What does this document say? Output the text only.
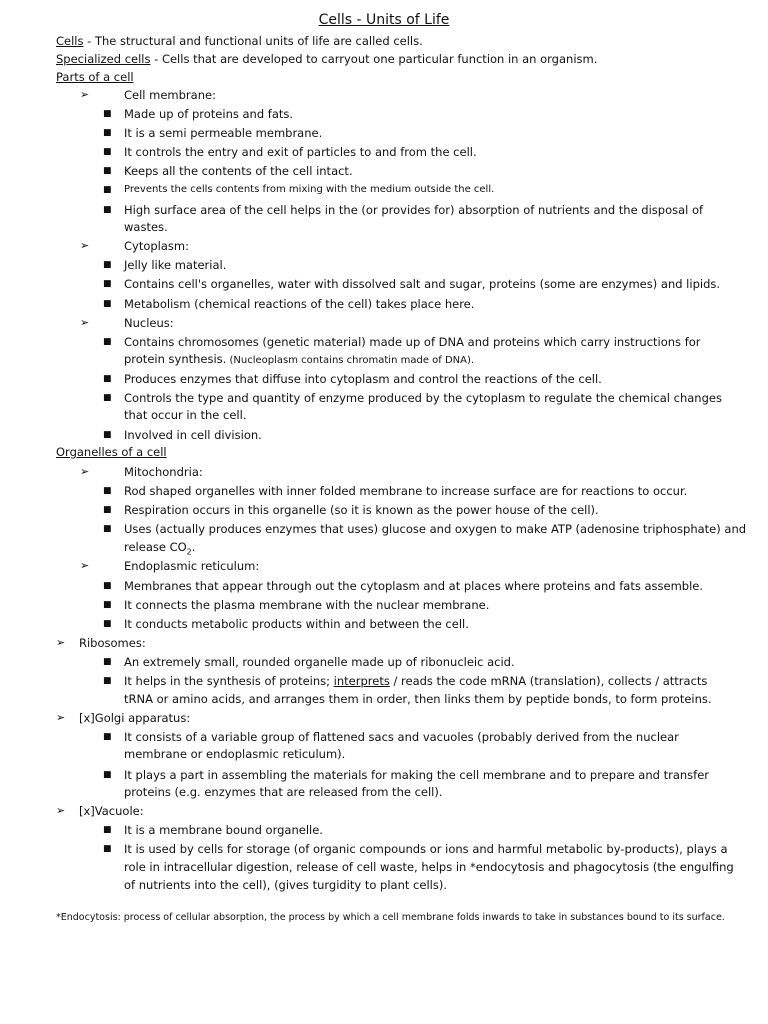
Cells - Units of Life
Cells - The structural and functional units of life are called cells.
Specialized cells - Cells that are developed to carryout one particular function in an organism.
Parts of a cell
➢	Cell membrane:
■ Made up of proteins and fats.
■ It is a semi permeable membrane.
■ It controls the entry and exit of particles to and from the cell.
■ Keeps all the contents of the cell intact.
■ Prevents the cells contents from mixing with the medium outside the cell.
■ High surface area of the cell helps in the (or provides for) absorption of nutrients and the disposal of
wastes.
➢	Cytoplasm:
■ Jelly like material.
■ Contains cell's organelles, water with dissolved salt and sugar, proteins (some are enzymes) and lipids.
■ Metabolism (chemical reactions of the cell) takes place here.
➢	Nucleus:
■ Contains chromosomes (genetic material) made up of DNA and proteins which carry instructions for
protein synthesis. (Nucleoplasm contains chromatin made of DNA).
■ Produces enzymes that diffuse into cytoplasm and control the reactions of the cell.
■ Controls the type and quantity of enzyme produced by the cytoplasm to regulate the chemical changes
that occur in the cell.
■ Involved in cell division.
Organelles of a cell
➢	Mitochondria:
■ Rod shaped organelles with inner folded membrane to increase surface are for reactions to occur.
■ Respiration occurs in this organelle (so it is known as the power house of the cell).
■ Uses (actually produces enzymes that uses) glucose and oxygen to make ATP (adenosine triphosphate) and
release $CO_2$.
➢	Endoplasmic reticulum:
■ Membranes that appear through out the cytoplasm and at places where proteins and fats assemble.
■ It connects the plasma membrane with the nuclear membrane.
■ It conducts metabolic products within and between the cell.
➢ Ribosomes:
■ An extremely small, rounded organelle made up of ribonucleic acid.
■ It helps in the synthesis of proteins; interprets / reads the code mRNA (translation), collects / attracts
tRNA or amino acids, and arranges them in order, then links them by peptide bonds, to form proteins.
➢ [x]Golgi apparatus:
■ It consists of a variable group of flattened sacs and vacuoles (probably derived from the nuclear
membrane or endoplasmic reticulum).
■ It plays a part in assembling the materials for making the cell membrane and to prepare and transfer
proteins (e.g. enzymes that are released from the cell).
➢ [x]Vacuole:
■ It is a membrane bound organelle.
■ It is used by cells for storage (of organic compounds or ions and harmful metabolic by-products), plays a
role in intracellular digestion, release of cell waste, helps in *endocytosis and phagocytosis (the engulfing
of nutrients into the cell), (gives turgidity to plant cells).
*Endocytosis: process of cellular absorption, the process by which a cell membrane folds inwards to take in substances bound to its surface.
